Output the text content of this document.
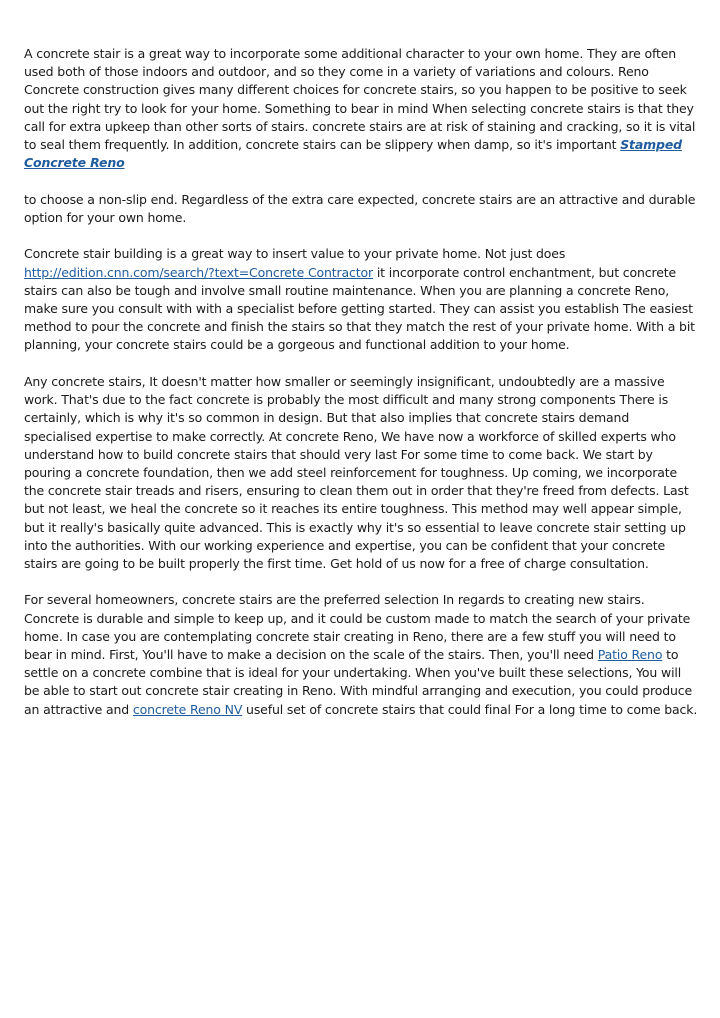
A concrete stair is a great way to incorporate some additional character to your own home. They are often used both of those indoors and outdoor, and so they come in a variety of variations and colours. Reno Concrete construction gives many different choices for concrete stairs, so you happen to be positive to seek out the right try to look for your home. Something to bear in mind When selecting concrete stairs is that they call for extra upkeep than other sorts of stairs. concrete stairs are at risk of staining and cracking, so it is vital to seal them frequently. In addition, concrete stairs can be slippery when damp, so it's important Stamped Concrete Reno

to choose a non-slip end. Regardless of the extra care expected, concrete stairs are an attractive and durable option for your own home.

Concrete stair building is a great way to insert value to your private home. Not just does http://edition.cnn.com/search/?text=Concrete Contractor it incorporate control enchantment, but concrete stairs can also be tough and involve small routine maintenance. When you are planning a concrete Reno, make sure you consult with with a specialist before getting started. They can assist you establish The easiest method to pour the concrete and finish the stairs so that they match the rest of your private home. With a bit planning, your concrete stairs could be a gorgeous and functional addition to your home.

Any concrete stairs, It doesn't matter how smaller or seemingly insignificant, undoubtedly are a massive work. That's due to the fact concrete is probably the most difficult and many strong components There is certainly, which is why it's so common in design. But that also implies that concrete stairs demand specialised expertise to make correctly. At concrete Reno, We have now a workforce of skilled experts who understand how to build concrete stairs that should very last For some time to come back. We start by pouring a concrete foundation, then we add steel reinforcement for toughness. Up coming, we incorporate the concrete stair treads and risers, ensuring to clean them out in order that they're freed from defects. Last but not least, we heal the concrete so it reaches its entire toughness. This method may well appear simple, but it really's basically quite advanced. This is exactly why it's so essential to leave concrete stair setting up into the authorities. With our working experience and expertise, you can be confident that your concrete stairs are going to be built properly the first time. Get hold of us now for a free of charge consultation.

For several homeowners, concrete stairs are the preferred selection In regards to creating new stairs. Concrete is durable and simple to keep up, and it could be custom made to match the search of your private home. In case you are contemplating concrete stair creating in Reno, there are a few stuff you will need to bear in mind. First, You'll have to make a decision on the scale of the stairs. Then, you'll need Patio Reno to settle on a concrete combine that is ideal for your undertaking. When you've built these selections, You will be able to start out concrete stair creating in Reno. With mindful arranging and execution, you could produce an attractive and concrete Reno NV useful set of concrete stairs that could final For a long time to come back.
